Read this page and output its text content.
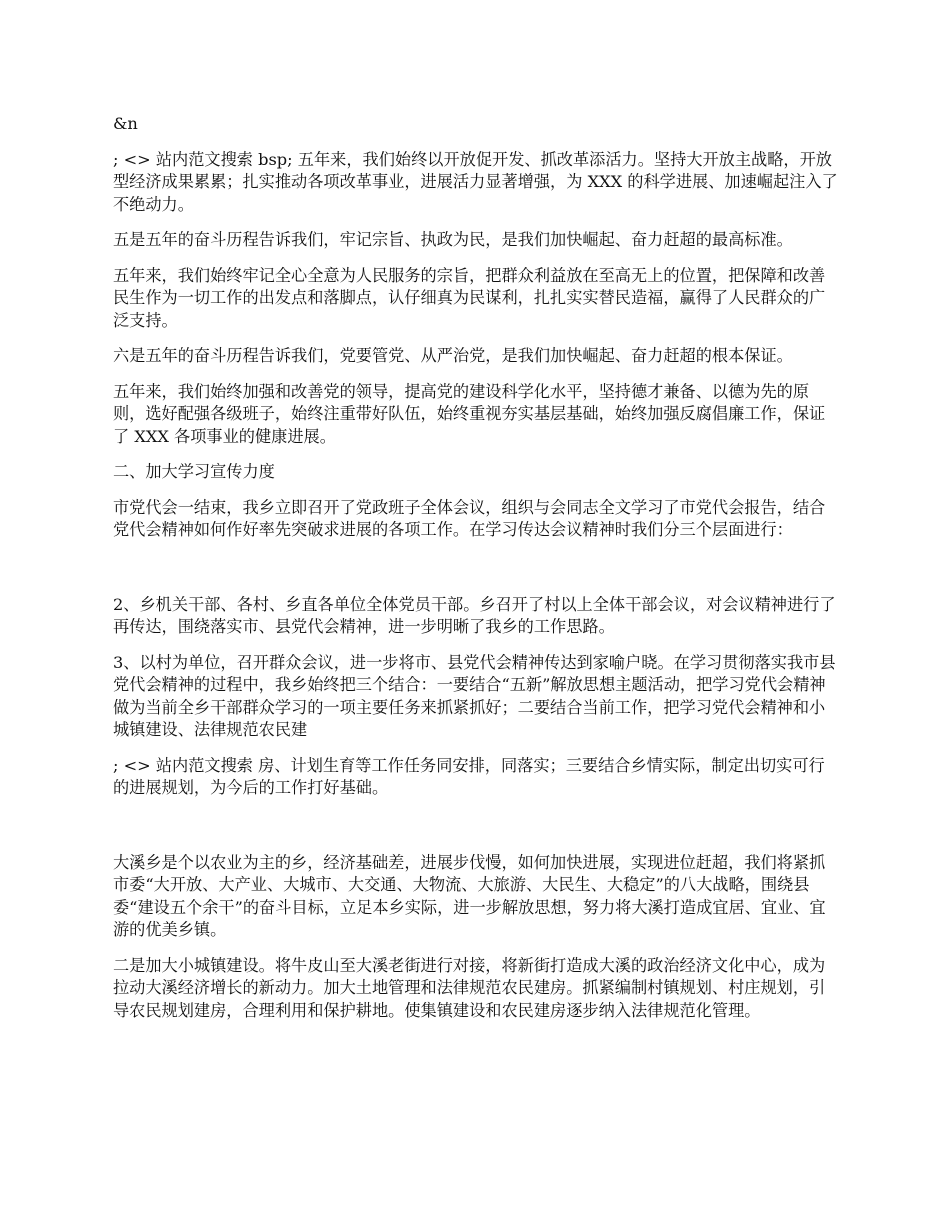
&n

; <> 站内范文搜索 bsp; 五年来，我们始终以开放促开发、抓改革添活力。坚持大开放主战略，开放型经济成果累累；扎实推动各项改革事业，进展活力显著增强，为 XXX 的科学进展、加速崛起注入了不绝动力。

五是五年的奋斗历程告诉我们，牢记宗旨、执政为民，是我们加快崛起、奋力赶超的最高标准。

五年来，我们始终牢记全心全意为人民服务的宗旨，把群众利益放在至高无上的位置，把保障和改善民生作为一切工作的出发点和落脚点，认仔细真为民谋利，扎扎实实替民造福，赢得了人民群众的广泛支持。

六是五年的奋斗历程告诉我们，党要管党、从严治党，是我们加快崛起、奋力赶超的根本保证。

五年来，我们始终加强和改善党的领导，提高党的建设科学化水平，坚持德才兼备、以德为先的原则，选好配强各级班子，始终注重带好队伍，始终重视夯实基层基础，始终加强反腐倡廉工作，保证了 XXX 各项事业的健康进展。

二、加大学习宣传力度

市党代会一结束，我乡立即召开了党政班子全体会议，组织与会同志全文学习了市党代会报告，结合党代会精神如何作好率先突破求进展的各项工作。在学习传达会议精神时我们分三个层面进行：

2、乡机关干部、各村、乡直各单位全体党员干部。乡召开了村以上全体干部会议，对会议精神进行了再传达，围绕落实市、县党代会精神，进一步明晰了我乡的工作思路。

3、以村为单位，召开群众会议，进一步将市、县党代会精神传达到家喻户晓。在学习贯彻落实我市县党代会精神的过程中，我乡始终把三个结合：一要结合“五新”解放思想主题活动，把学习党代会精神做为当前全乡干部群众学习的一项主要任务来抓紧抓好；二要结合当前工作，把学习党代会精神和小城镇建设、法律规范农民建

; <> 站内范文搜索 房、计划生育等工作任务同安排，同落实；三要结合乡情实际，制定出切实可行的进展规划，为今后的工作打好基础。

大溪乡是个以农业为主的乡，经济基础差，进展步伐慢，如何加快进展，实现进位赶超，我们将紧抓市委“大开放、大产业、大城市、大交通、大物流、大旅游、大民生、大稳定”的八大战略，围绕县委“建设五个余干”的奋斗目标，立足本乡实际，进一步解放思想，努力将大溪打造成宜居、宜业、宜游的优美乡镇。

二是加大小城镇建设。将牛皮山至大溪老街进行对接，将新街打造成大溪的政治经济文化中心，成为拉动大溪经济增长的新动力。加大土地管理和法律规范农民建房。抓紧编制村镇规划、村庄规划，引导农民规划建房，合理利用和保护耕地。使集镇建设和农民建房逐步纳入法律规范化管理。
